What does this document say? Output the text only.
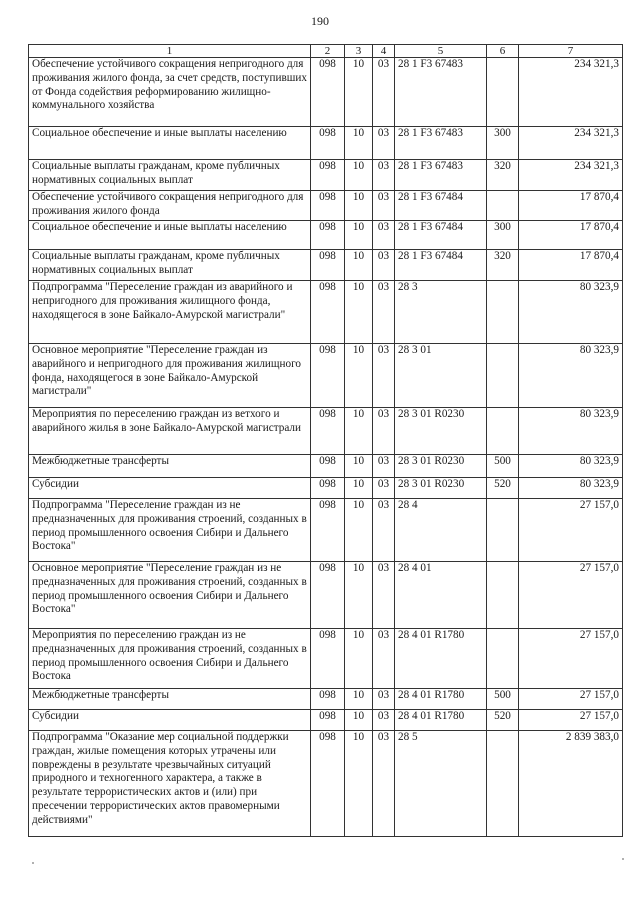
190
1	2	3	4	5	6	7
Обеспечение устойчивого сокращения непригодного для проживания жилого фонда, за счет средств, поступивших от Фонда содействия реформированию жилищно-коммунального хозяйства	098	10	03	28 1 F3 67483		234 321,3
Социальное обеспечение и иные выплаты населению	098	10	03	28 1 F3 67483	300	234 321,3
Социальные выплаты гражданам, кроме публичных нормативных социальных выплат	098	10	03	28 1 F3 67483	320	234 321,3
Обеспечение устойчивого сокращения непригодного для проживания жилого фонда	098	10	03	28 1 F3 67484		17 870,4
Социальное обеспечение и иные выплаты населению	098	10	03	28 1 F3 67484	300	17 870,4
Социальные выплаты гражданам, кроме публичных нормативных социальных выплат	098	10	03	28 1 F3 67484	320	17 870,4
Подпрограмма "Переселение граждан из аварийного и непригодного для проживания жилищного фонда, находящегося в зоне Байкало-Амурской магистрали"	098	10	03	28 3		80 323,9
Основное мероприятие "Переселение граждан из аварийного и непригодного для проживания жилищного фонда, находящегося в зоне Байкало-Амурской магистрали"	098	10	03	28 3 01		80 323,9
Мероприятия по переселению граждан из ветхого и аварийного жилья в зоне Байкало-Амурской магистрали	098	10	03	28 3 01 R0230		80 323,9
Межбюджетные трансферты	098	10	03	28 3 01 R0230	500	80 323,9
Субсидии	098	10	03	28 3 01 R0230	520	80 323,9
Подпрограмма "Переселение граждан из не предназначенных для проживания строений, созданных в период промышленного освоения Сибири и Дальнего Востока"	098	10	03	28 4		27 157,0
Основное мероприятие "Переселение граждан из не предназначенных для проживания строений, созданных в период промышленного освоения Сибири и Дальнего Востока"	098	10	03	28 4 01		27 157,0
Мероприятия по переселению граждан из не предназначенных для проживания строений, созданных в период промышленного освоения Сибири и Дальнего Востока	098	10	03	28 4 01 R1780		27 157,0
Межбюджетные трансферты	098	10	03	28 4 01 R1780	500	27 157,0
Субсидии	098	10	03	28 4 01 R1780	520	27 157,0
Подпрограмма "Оказание мер социальной поддержки граждан, жилые помещения которых утрачены или повреждены в результате чрезвычайных ситуаций природного и техногенного характера, а также в результате террористических актов и (или) при пресечении террористических актов правомерными действиями"	098	10	03	28 5		2 839 383,0
